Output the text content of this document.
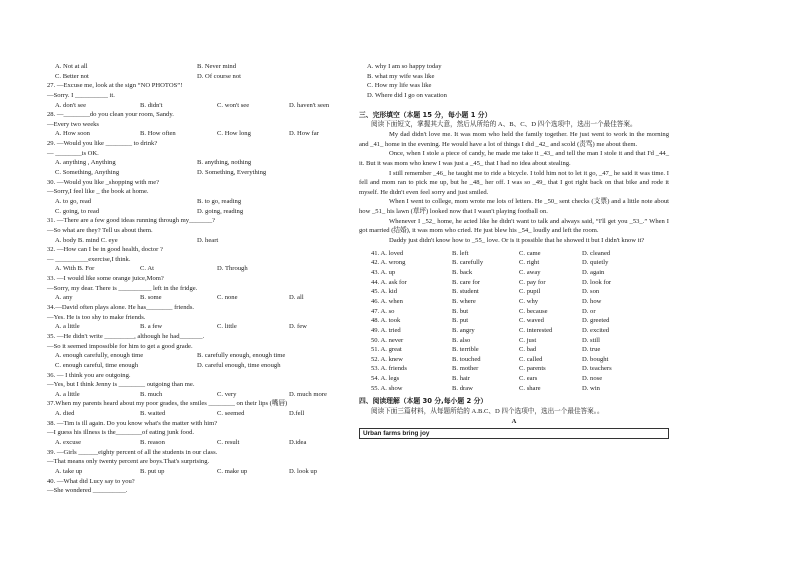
A. Not at all	B. Never mind
C. Better not	D. Of course not
27. —Excuse me, look at the sign “NO PHOTOS”!
—Sorry. I __________ it.
A. don't see	B. didn't	C. won't see	D. haven't seen
28. —________do you clean your room, Sandy.
—Every two weeks
A. How soon	B. How often	C. How long	D. How far
29. —Would you like ________ to drink?
— ________is OK.
A. anything , Anything	B. anything, nothing
C. Something, Anything	D. Something, Everything
30. —Would you like _shopping with me?
—Sorry,I feel like _ the book at home.
A. to go, read	B. to go, reading
C. going, to read	D. going, reading
31. —There are a few good ideas running through my_______?
—So what are they? Tell us about them.
A. body B. mind C. eye	D. heart
32. —How can I be in good health, doctor ?
— __________exercise,I think.
A. With B. For	C. At	D. Through
33. —I would like some orange juice,Mom?
—Sorry, my dear. There is __________ left in the fridge.
A. any	B. some	C. none	D. all
34.—David often plays alone. He has________ friends.
—Yes. He is too shy to make friends.
A. a little	B. a few	C. little	D. few
35. —He didn't write _________, although he had_______.
—So it seemed impossible for him to get a good grade.
A. enough carefully, enough time	B. carefully enough, enough time
C. enough careful, time enough	D. careful enough, time enough
36. — I think you are outgoing.
—Yes, but I think Jenny is ________ outgoing than me.
A. a little	B. much	C. very	D. much more
37.When my parents heard about my poor grades, the smiles ________ on their lips (嘴唇)
A. died	B. waited	C. seemed	D.fell
38. —Tim is ill again. Do you know what's the matter with him?
—I guess his illness is the________of eating junk food.
A. excuse	B. reason	C. result	D.idea
39. —Girls ______eighty percent of all the students in our class.
—That means only twenty percent are boys.That's surprising.
A. take up	B. put up	C. make up	D. look up
40. —What did Lucy say to you?
—She wondered __________.
A. why I am so happy today
B. what my wife was like
C. How my life was like
D. Where did I go on vacation
三、完形填空（本题 15 分，每小题 1 分）

阅读下面短文，掌握其大意，然后从所给的 A、B、C、D 四个选项中，选出一个最佳答案。

My dad didn't love me. It was mom who held the family together. He just went to work in the morning and _41_ home in the evening. He would have a lot of things I did _42_ and scold (责骂) me about them.

Once, when I stole a piece of candy, he made me take it _43_ and tell the man I stole it and that I'd _44_ it. But it was mom who knew I was just a _45_ that I had no idea about stealing.

I still remember _46_ he taught me to ride a bicycle. I told him not to let it go, _47_ he said it was time. I fell and mom ran to pick me up, but he _48_ her off. I was so _49_ that I got right back on that bike and rode it myself. He didn't even feel sorry and just smiled.

When I went to college, mom wrote me lots of letters. He _50_ sent checks (支票) and a little note about how _51_ his lawn (草坪) looked now that I wasn't playing football on.

Whenever I _52_ home, he acted like he didn't want to talk and always said, “I'll get you _53_.” When I got married (结婚), it was mom who cried. He just blew his _54_ loudly and left the room.

Daddy just didn't know how to _55_ love. Or is it possible that he showed it but I didn't know it?

41. A. loved	B. left	C. came	D. cleaned
42. A. wrong	B. carefully	C. right	D. quietly
43. A. up	B. back	C. away	D. again
44. A. ask for	B. care for	C. pay for	D. look for
45. A. kid	B. student	C. pupil	D. son
46. A. when	B. where	C. why	D. how
47. A. so	B. but	C. because	D. or
48. A. took	B. put	C. waved	D. greeted
49. A. tried	B. angry	C. interested	D. excited
50. A. never	B. also	C. just	D. still
51. A. great	B. terrible	C. bad	D. true
52. A. knew	B. touched	C. called	D. bought
53. A. friends	B. mother	C. parents	D. teachers
54. A. legs	B. hair	C. ears	D. nose
55. A. show	B. draw	C. share	D. win
四、阅读理解（本题 30 分,每小题 2 分）

阅读下面三篇材料，从每题所给的 A.B.C、D 四个选项中，选出一个最佳答案。。

A
Urban farms bring joy
